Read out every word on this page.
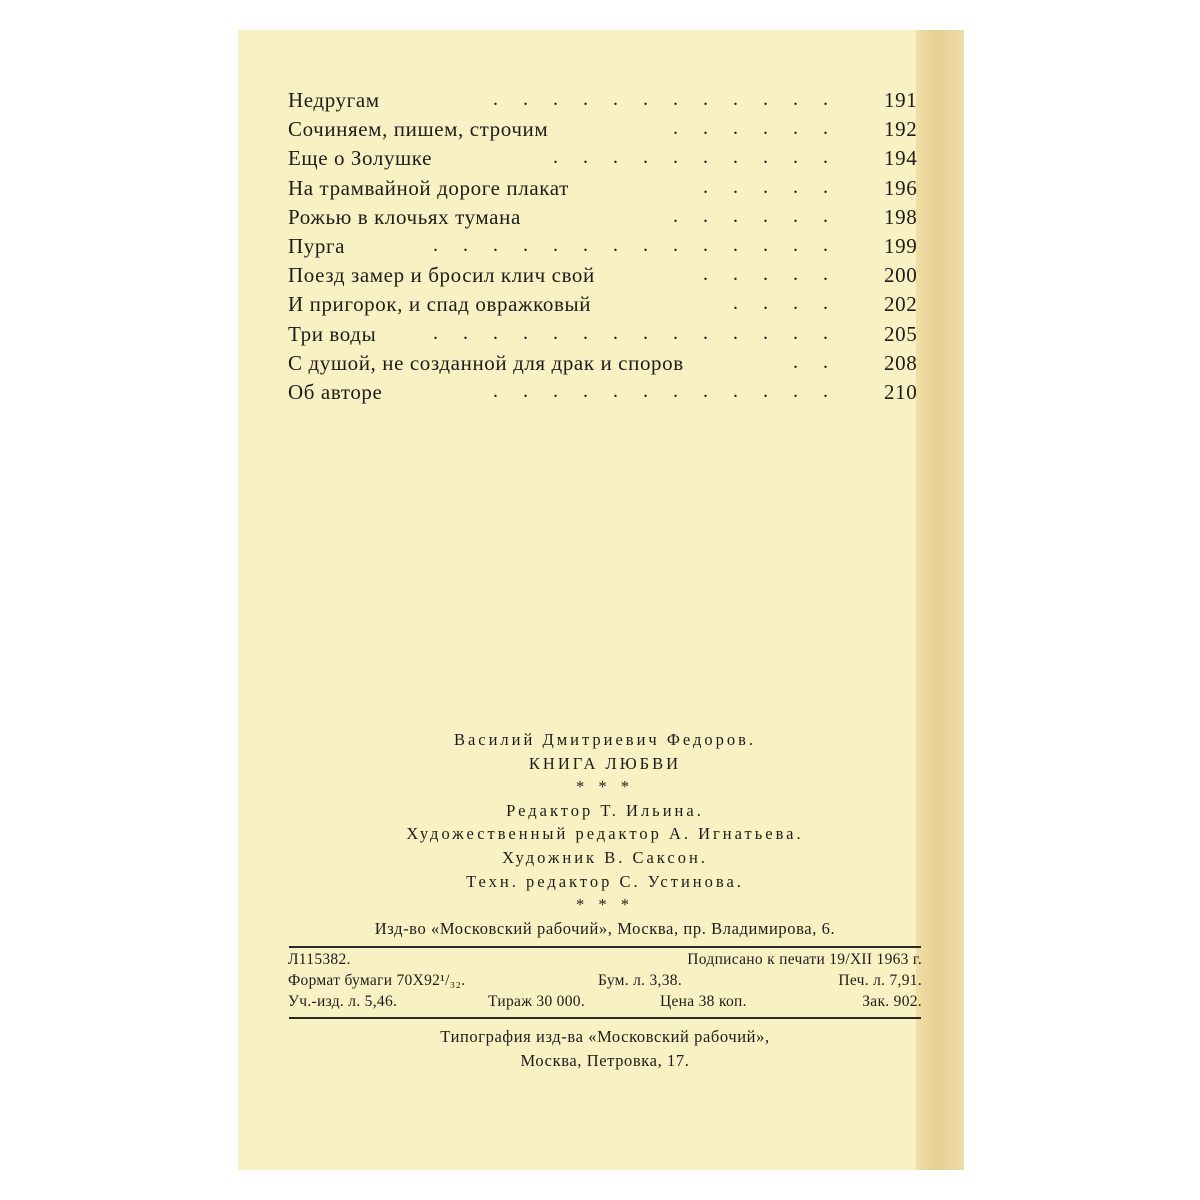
Недругам	. . . . . . . . . . . . 191
Сочиняем, пишем, строчим	. . . . . . 192
Еще о Золушке	. . . . . . . . . . 194
На трамвайной дороге плакат	. . . . . 196
Рожью в клочьях тумана	. . . . . . 198
Пурга	. . . . . . . . . . . . . . 199
Поезд замер и бросил клич свой	. . . . . 200
И пригорок, и спад овражковый	. . . . 202
Три воды	. . . . . . . . . . . . . . 205
С душой, не созданной для драк и споров	. . 208
Об авторе	. . . . . . . . . . . . 210
Василий Дмитриевич Федоров.
КНИГА ЛЮБВИ
* * *
Редактор Т. Ильина.
Художественный редактор А. Игнатьева.
Художник В. Саксон.
Техн. редактор С. Устинова.
* * *
Изд-во «Московский рабочий», Москва, пр. Владимирова, 6.
Л115382.	Подписано к печати 19/XII 1963 г.
Формат бумаги 70Х92¹/₃₂.	Бум. л. 3,38.	Печ. л. 7,91.
Уч.-изд. л. 5,46.	Тираж 30 000.	Цена 38 коп.	Зак. 902.
Типография изд-ва «Московский рабочий»,
Москва, Петровка, 17.
